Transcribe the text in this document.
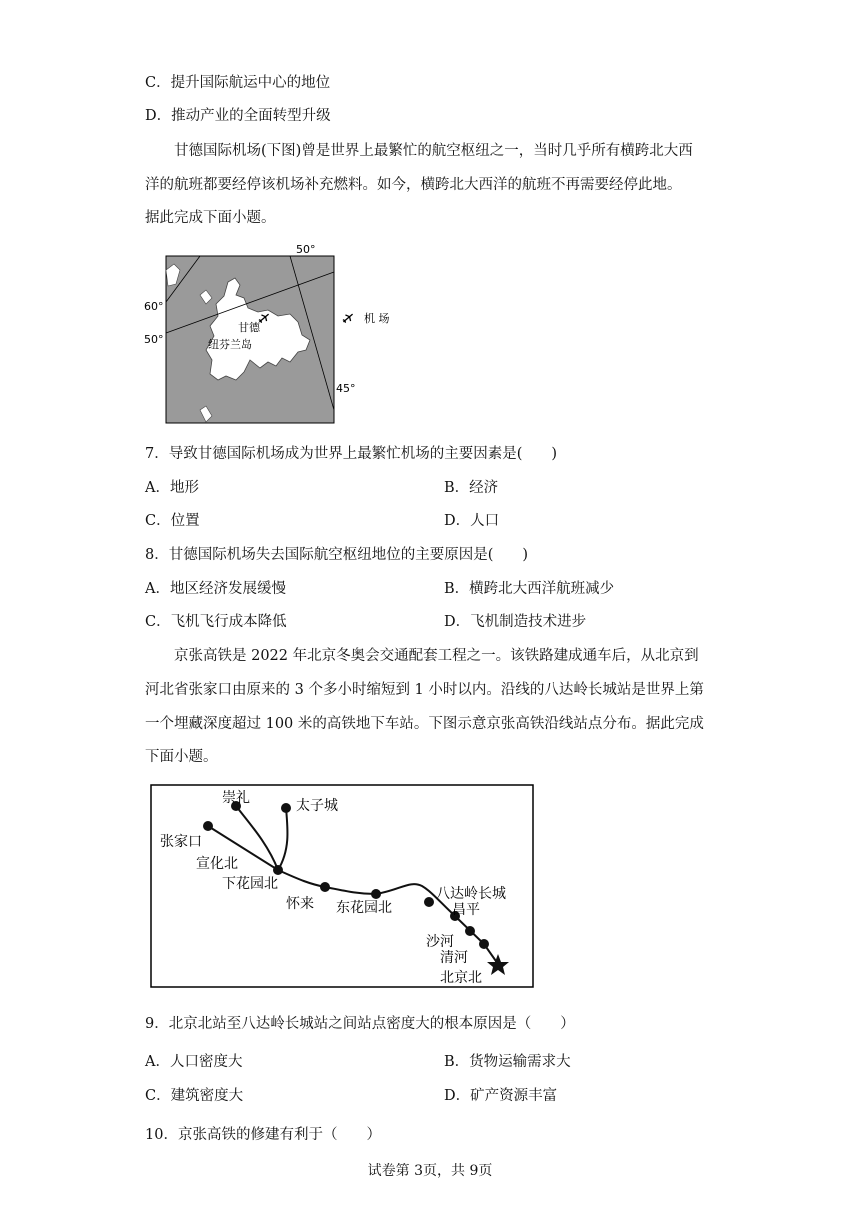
C．提升国际航运中心的地位
D．推动产业的全面转型升级
甘德国际机场(下图)曾是世界上最繁忙的航空枢纽之一，当时几乎所有横跨北大西
洋的航班都要经停该机场补充燃料。如今，横跨北大西洋的航班不再需要经停此地。
据此完成下面小题。
60°
50°
50°
45°
甘德
纽芬兰岛
机 场
7．导致甘德国际机场成为世界上最繁忙机场的主要因素是(　　)
A．地形	B．经济
C．位置	D．人口
8．甘德国际机场失去国际航空枢纽地位的主要原因是(　　)
A．地区经济发展缓慢	B．横跨北大西洋航班减少
C．飞机飞行成本降低	D．飞机制造技术进步
京张高铁是 2022 年北京冬奥会交通配套工程之一。该铁路建成通车后，从北京到
河北省张家口由原来的 3 个多小时缩短到 1 小时以内。沿线的八达岭长城站是世界上第
一个埋藏深度超过 100 米的高铁地下车站。下图示意京张高铁沿线站点分布。据此完成
下面小题。
崇礼	太子城
张家口
宣化北
下花园北
怀来 东花园北
八达岭长城
昌平
沙河
清河
北京北
9．北京北站至八达岭长城站之间站点密度大的根本原因是（　　）
A．人口密度大	B．货物运输需求大
C．建筑密度大	D．矿产资源丰富
10．京张高铁的修建有利于（　　）
试卷第 3页，共 9页
